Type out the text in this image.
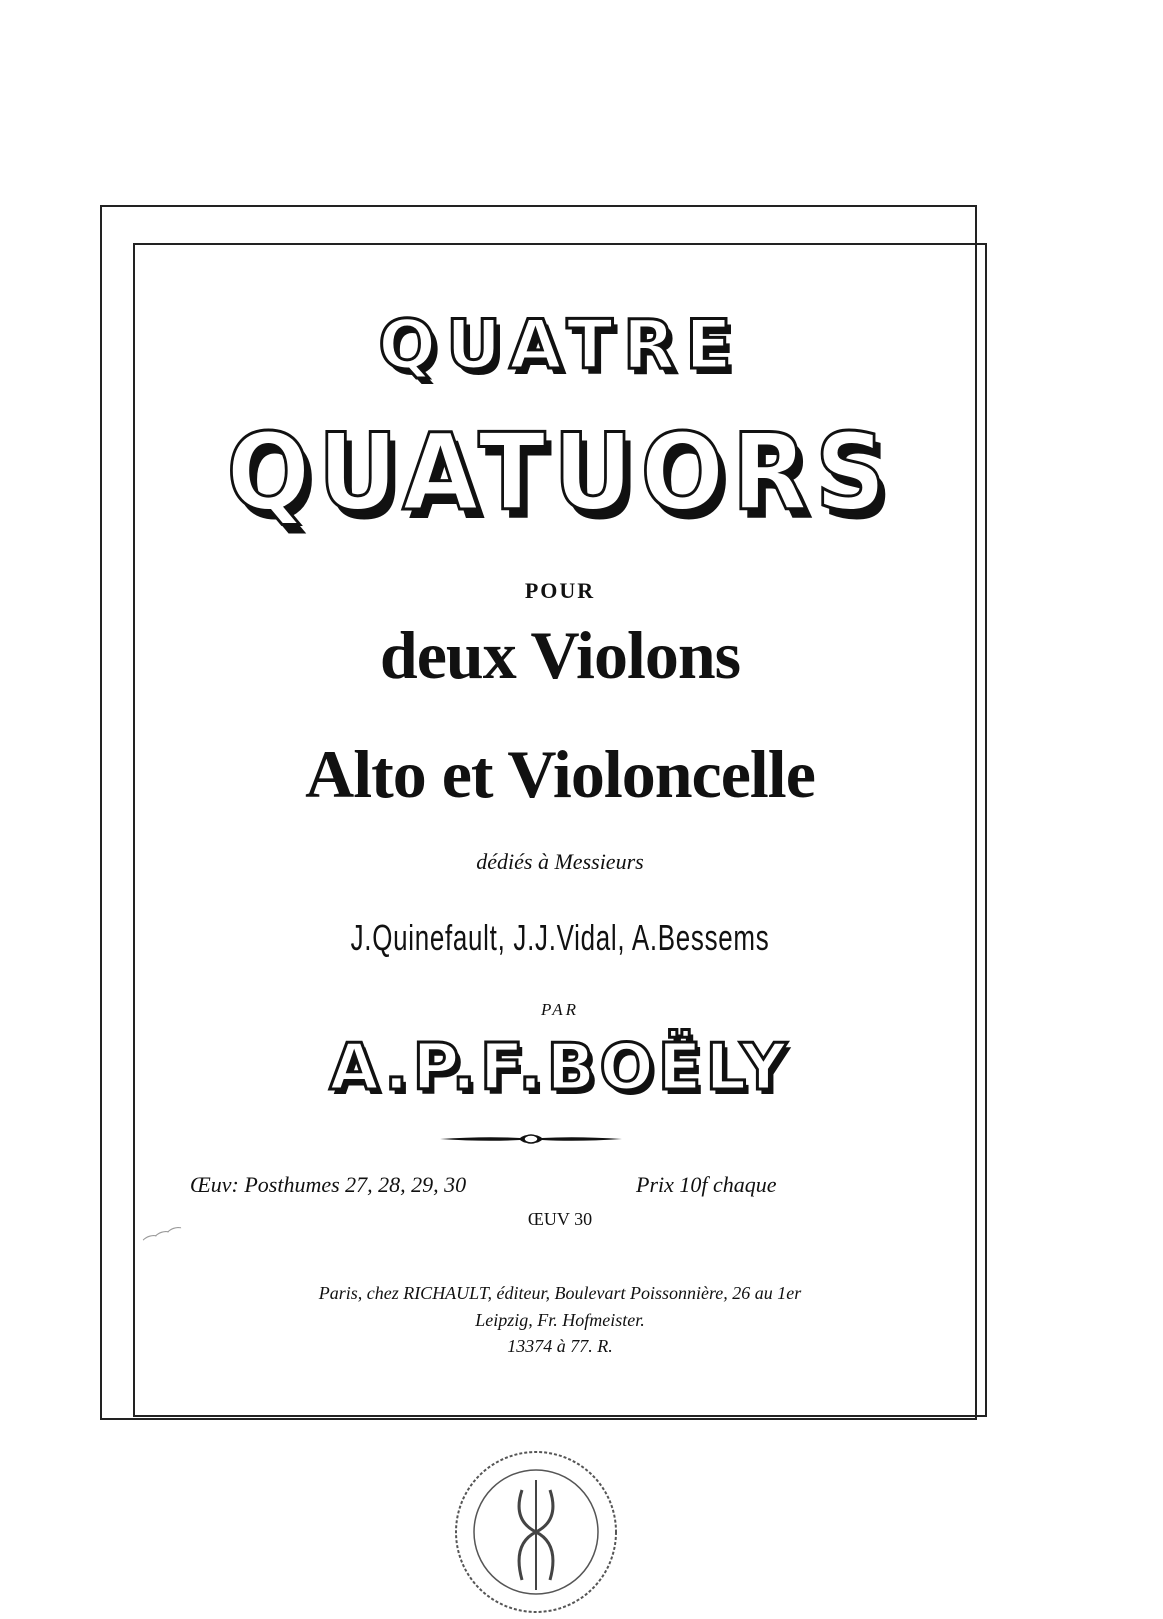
QUATRE
QUATUORS
POUR
deux Violons
Alto et Violoncelle
dédiés à Messieurs
J.Quinefault, J.J.Vidal, A.Bessems
PAR
A.P.F.BOËLY
Œuv: Posthumes 27, 28, 29, 30	Prix 10f chaque
ŒUV 30
Paris, chez RICHAULT, éditeur, Boulevart Poissonnière, 26 au 1er
Leipzig, Fr. Hofmeister.
13374 à 77. R.
⁔⁔⁔
